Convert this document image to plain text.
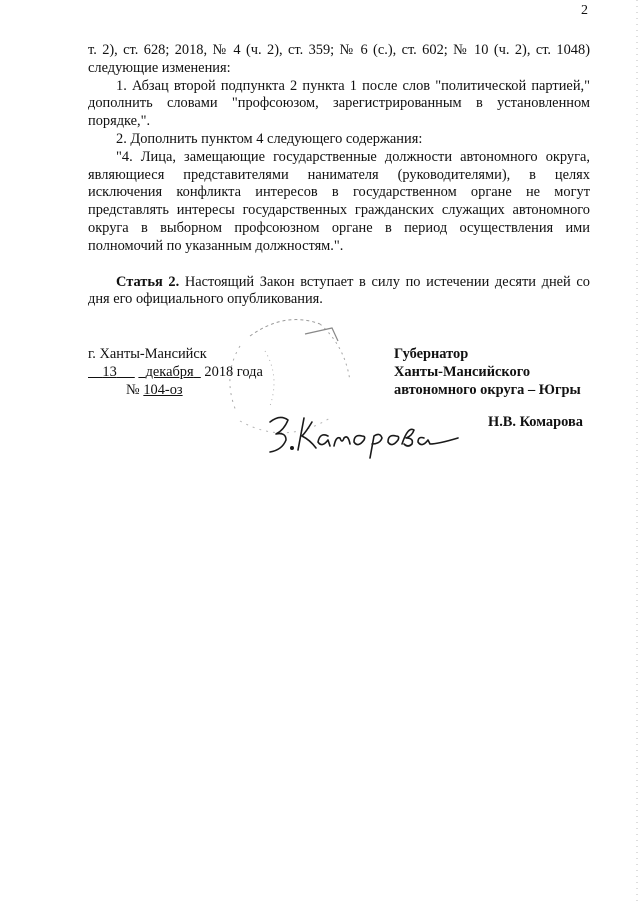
2

т. 2), ст. 628; 2018, № 4 (ч. 2), ст. 359; № 6 (с.), ст. 602; № 10 (ч. 2), ст. 1048) следующие изменения:

1. Абзац второй подпункта 2 пункта 1 после слов "политической партией," дополнить словами "профсоюзом, зарегистрированным в установленном порядке,".

2. Дополнить пунктом 4 следующего содержания:

"4. Лица, замещающие государственные должности автономного округа, являющиеся представителями нанимателя (руководителями), в целях исключения конфликта интересов в государственном органе не могут представлять интересы государственных гражданских служащих автономного округа в выборном профсоюзном органе в период осуществления ими полномочий по указанным должностям.".

Статья 2. Настоящий Закон вступает в силу по истечении десяти дней со дня его официального опубликования.

г. Ханты-Мансийск
13 декабря 2018 года
№ 104-оз
Губернатор
Ханты-Мансийского
автономного округа – Югры
Н.В. Комарова
